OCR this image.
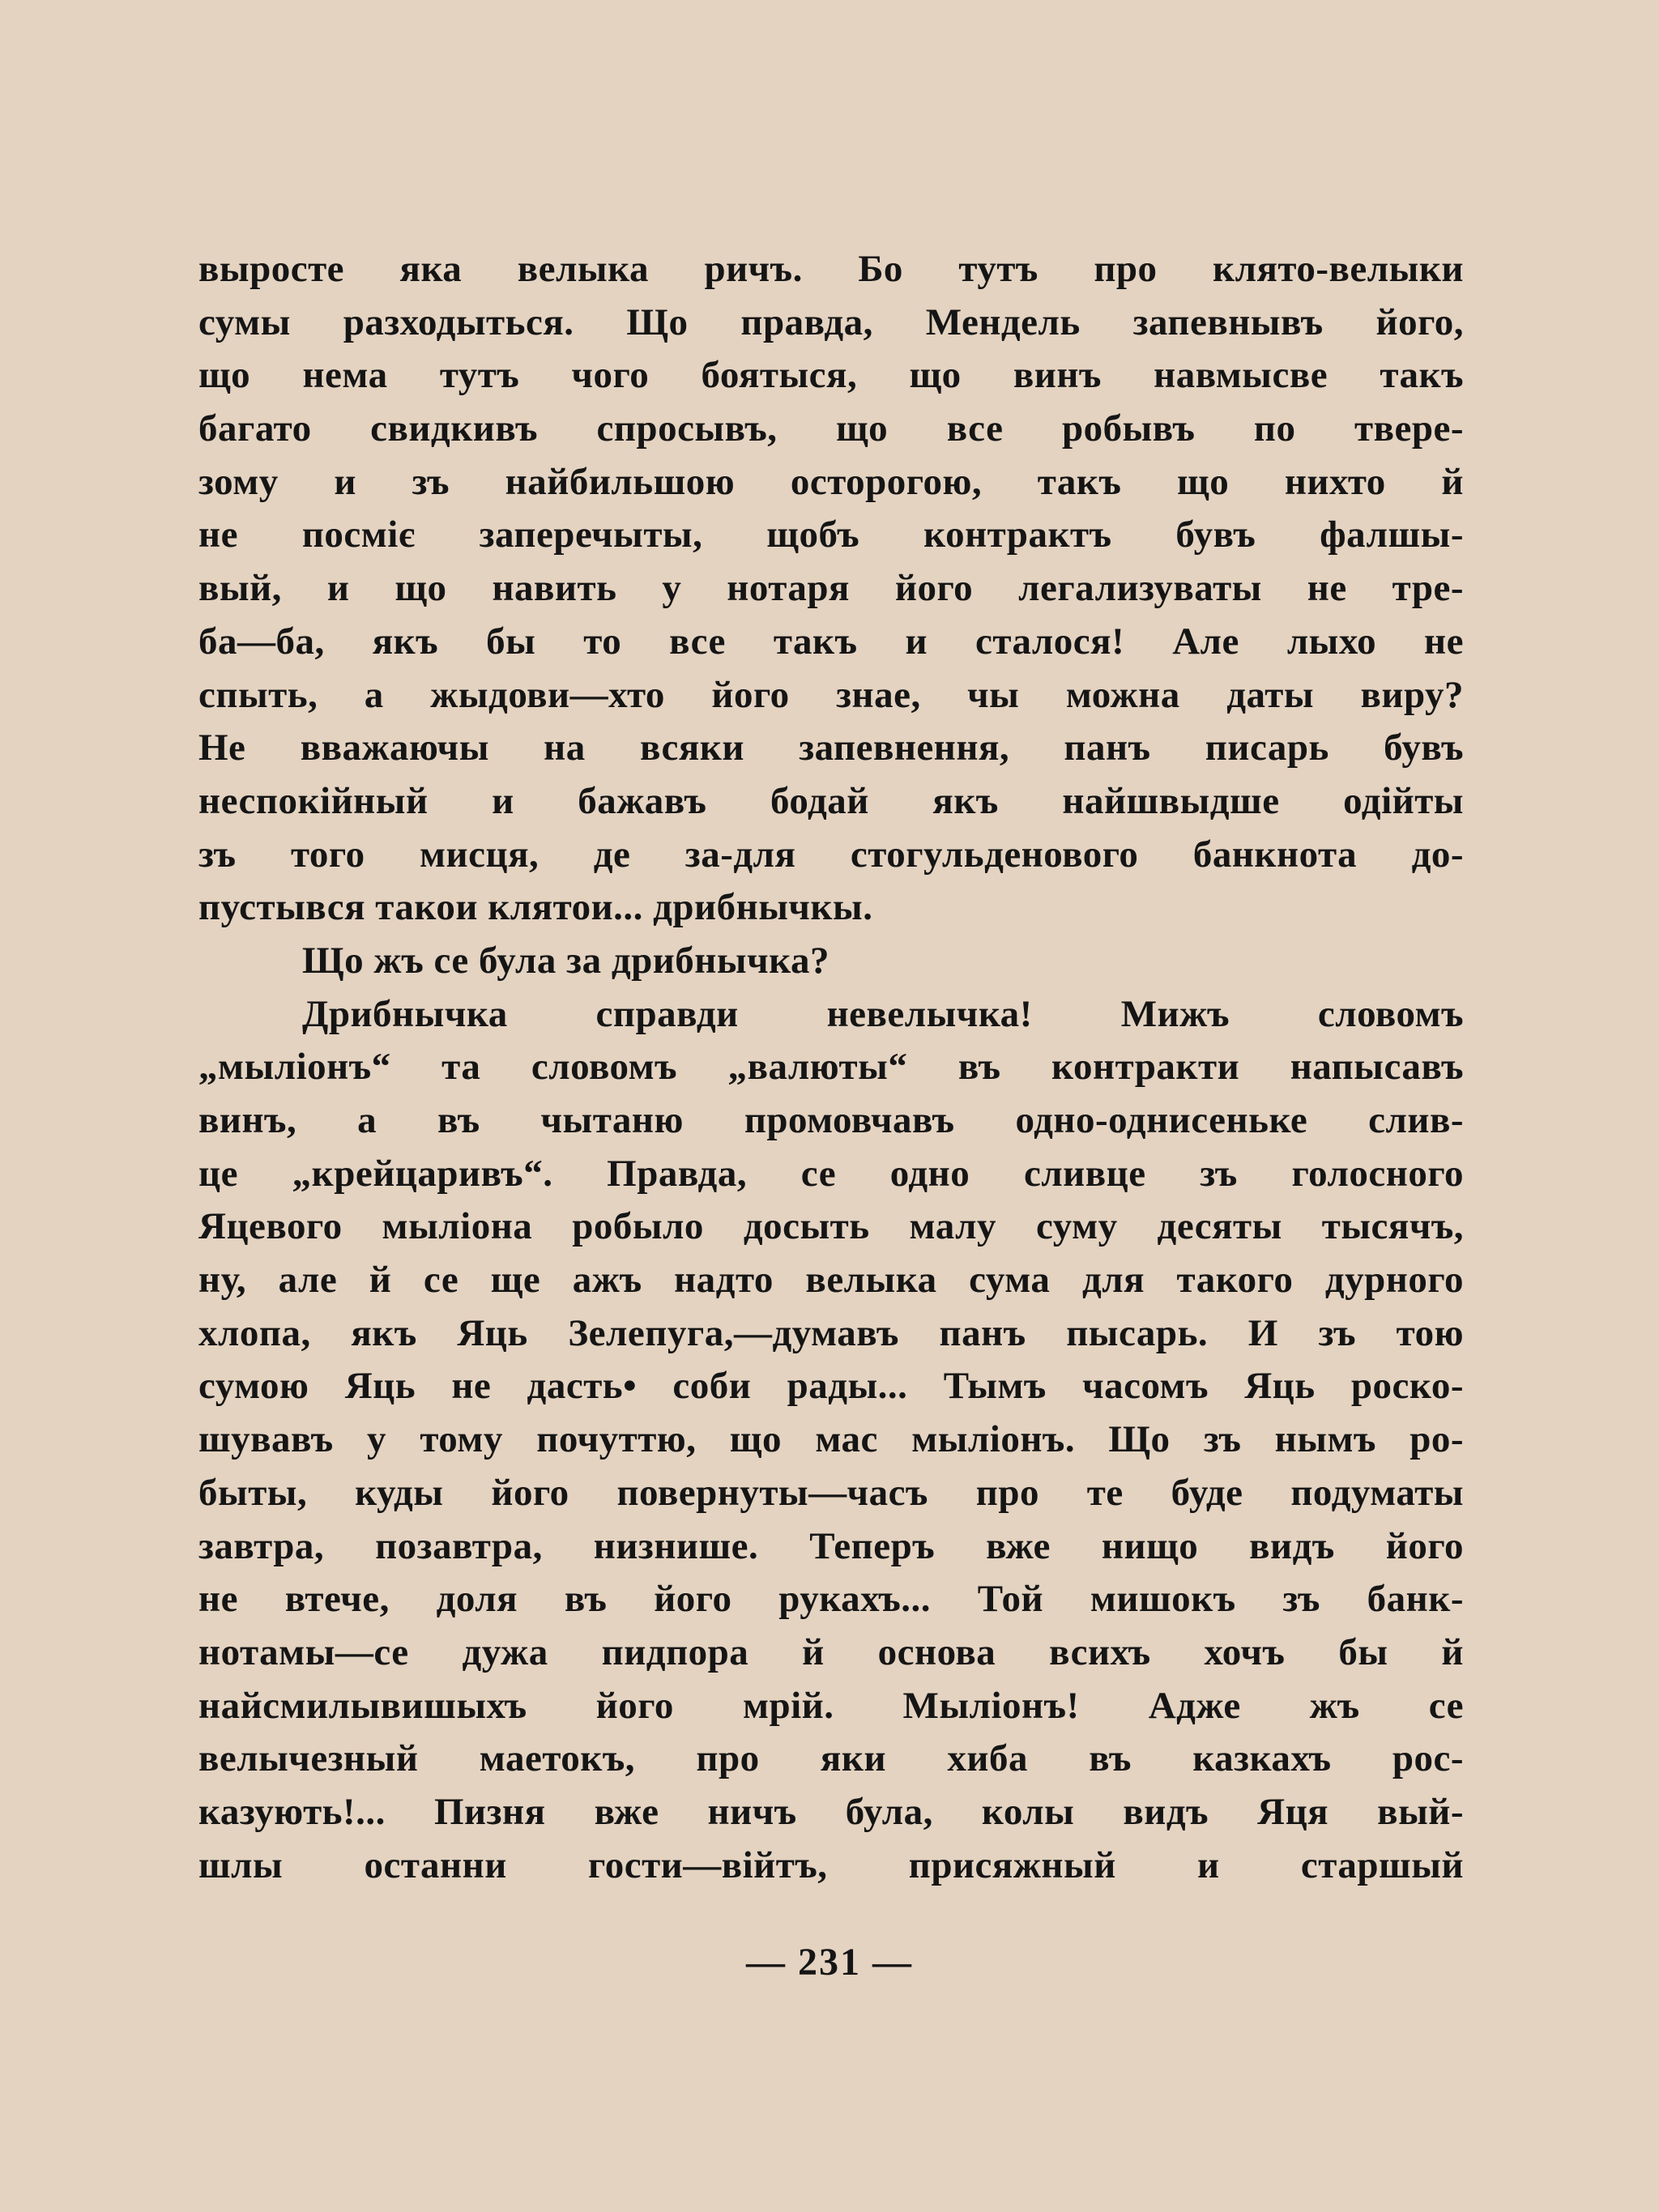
выросте яка велыка ричъ. Бо тутъ про клято-велыки
сумы разходыться. Що правда, Мендель запевнывъ його,
що нема тутъ чого боятыся, що винъ навмысве такъ
багато свидкивъ спросывъ, що все робывъ по твере-
зому и зъ найбильшою осторогою, такъ що нихто й
не посміє заперечыты, щобъ контрактъ бувъ фалшы-
вый, и що навить у нотаря його легализуваты не тре-
ба—ба, якъ бы то все такъ и сталося! Але лыхо не
спыть, а жыдови—хто його знае, чы можна даты виру?
Не вважаючы на всяки запевнення, панъ писарь бувъ
неспокійный и бажавъ бодай якъ найшвыдше одійты
зъ того мисця, де за-для стогульденового банкнота до-
пустывся такои клятои... дрибнычкы.
Що жъ се була за дрибнычка?
Дрибнычка справди невелычка! Мижъ словомъ
„мыліонъ“ та словомъ „валюты“ въ контракти напысавъ
винъ, а въ чытаню промовчавъ одно-однисеньке слив-
це „крейцаривъ“. Правда, се одно сливце зъ голосного
Яцевого мыліона робыло досыть малу суму десяты тысячъ,
ну, але й се ще ажъ надто велыка сума для такого дурного
хлопа, якъ Яць Зелепуга,—думавъ панъ пысарь. И зъ тою
сумою Яць не дасть• соби рады... Тымъ часомъ Яць роско-
шувавъ у тому почуттю, що мас мыліонъ. Що зъ нымъ ро-
быты, куды його повернуты—часъ про те буде подуматы
завтра, позавтра, низнише. Теперъ вже нищо видъ його
не втече, доля въ його рукахъ... Той мишокъ зъ банк-
нотамы—се дужа пидпора й основа всихъ хочъ бы й
найсмилывишыхъ його мрій. Мыліонъ! Адже жъ се
велычезный маетокъ, про яки хиба въ казкахъ рос-
казують!... Пизня вже ничъ була, колы видъ Яця вый-
шлы останни гости—війтъ, присяжный и старшый
— 231 —
